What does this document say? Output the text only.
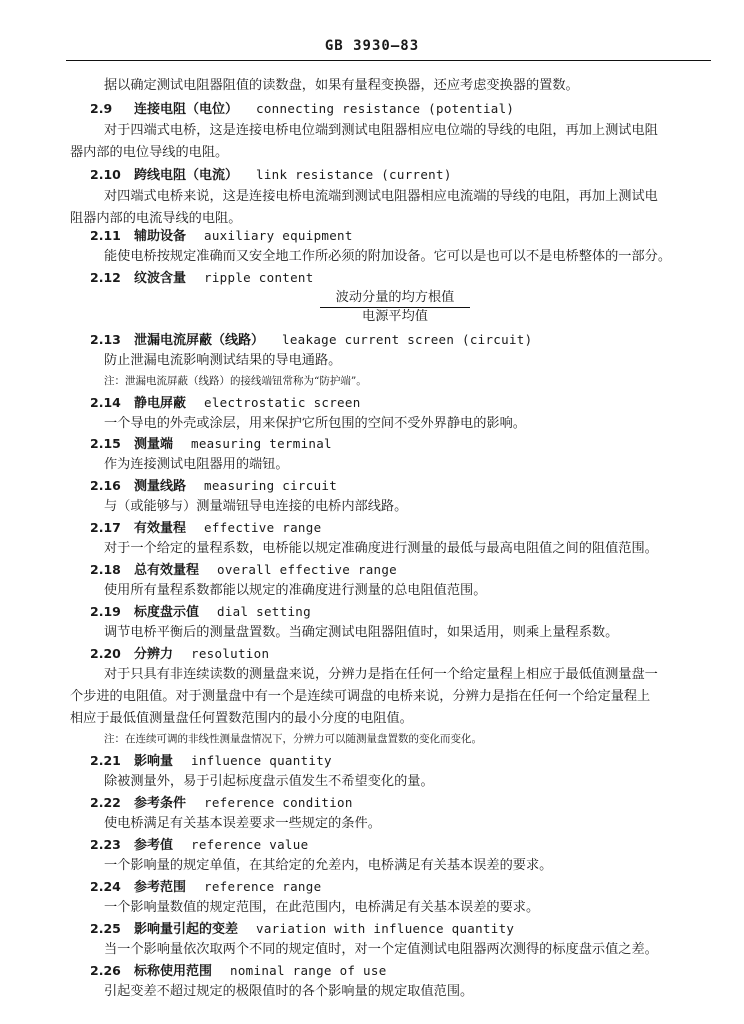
GB 3930—83
据以确定测试电阻器阻值的读数盘，如果有量程变换器，还应考虑变换器的置数。
2.9 连接电阻（电位） connecting resistance (potential)
对于四端式电桥，这是连接电桥电位端到测试电阻器相应电位端的导线的电阻，再加上测试电阻
器内部的电位导线的电阻。
2.10 跨线电阻（电流） link resistance (current)
对四端式电桥来说，这是连接电桥电流端到测试电阻器相应电流端的导线的电阻，再加上测试电
阻器内部的电流导线的电阻。
2.11 辅助设备 auxiliary equipment
能使电桥按规定准确而又安全地工作所必须的附加设备。它可以是也可以不是电桥整体的一部分。
2.12 纹波含量 ripple content
波动分量的均方根值
电源平均值
2.13 泄漏电流屏蔽（线路） leakage current screen (circuit)
防止泄漏电流影响测试结果的导电通路。
注：泄漏电流屏蔽（线路）的接线端钮常称为“防护端”。
2.14 静电屏蔽 electrostatic screen
一个导电的外壳或涂层，用来保护它所包围的空间不受外界静电的影响。
2.15 测量端 measuring terminal
作为连接测试电阻器用的端钮。
2.16 测量线路 measuring circuit
与（或能够与）测量端钮导电连接的电桥内部线路。
2.17 有效量程 effective range
对于一个给定的量程系数，电桥能以规定准确度进行测量的最低与最高电阻值之间的阻值范围。
2.18 总有效量程 overall effective range
使用所有量程系数都能以规定的准确度进行测量的总电阻值范围。
2.19 标度盘示值 dial setting
调节电桥平衡后的测量盘置数。当确定测试电阻器阻值时，如果适用，则乘上量程系数。
2.20 分辨力 resolution
对于只具有非连续读数的测量盘来说，分辨力是指在任何一个给定量程上相应于最低值测量盘一
个步进的电阻值。对于测量盘中有一个是连续可调盘的电桥来说，分辨力是指在任何一个给定量程上
相应于最低值测量盘任何置数范围内的最小分度的电阻值。
注：在连续可调的非线性测量盘情况下，分辨力可以随测量盘置数的变化而变化。
2.21 影响量 influence quantity
除被测量外，易于引起标度盘示值发生不希望变化的量。
2.22 参考条件 reference condition
使电桥满足有关基本误差要求一些规定的条件。
2.23 参考值 reference value
一个影响量的规定单值，在其给定的允差内，电桥满足有关基本误差的要求。
2.24 参考范围 reference range
一个影响量数值的规定范围，在此范围内，电桥满足有关基本误差的要求。
2.25 影响量引起的变差 variation with influence quantity
当一个影响量依次取两个不同的规定值时，对一个定值测试电阻器两次测得的标度盘示值之差。
2.26 标称使用范围 nominal range of use
引起变差不超过规定的极限值时的各个影响量的规定取值范围。
